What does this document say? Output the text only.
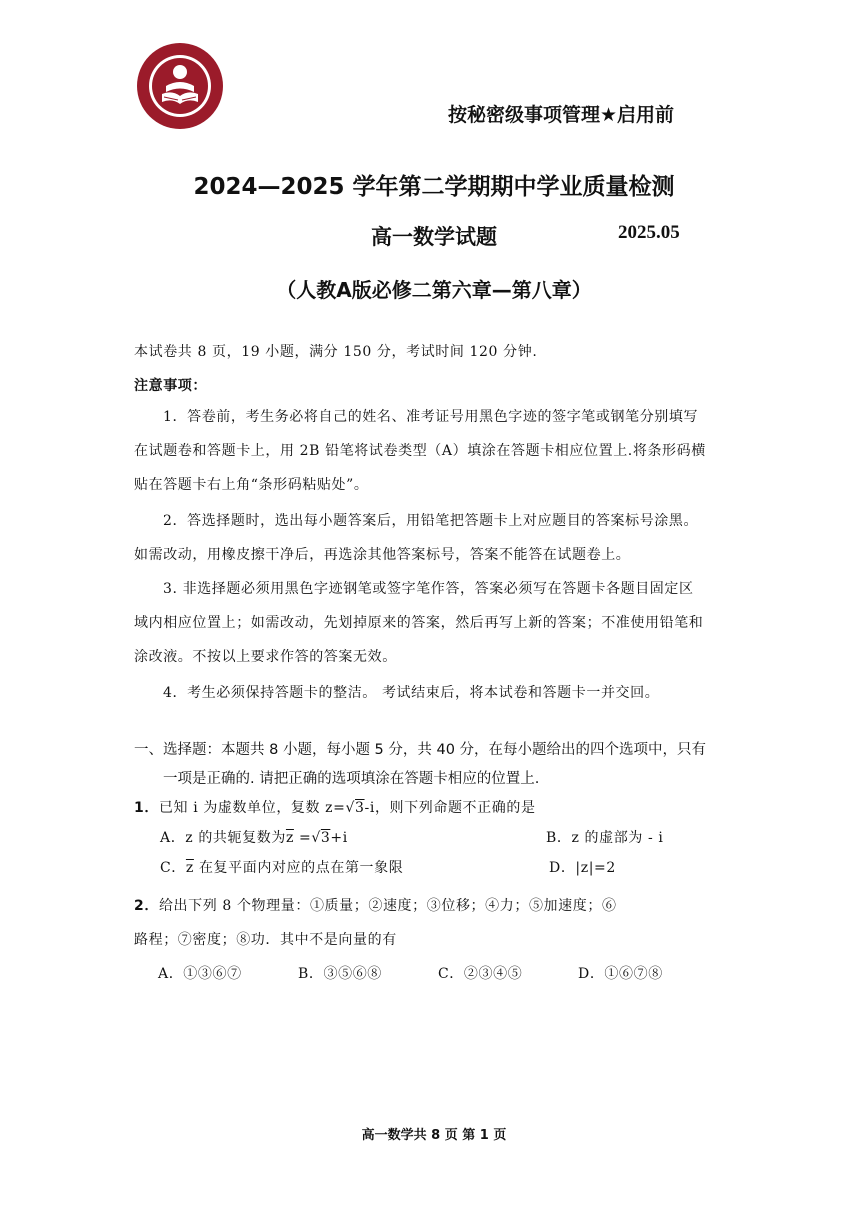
按秘密级事项管理★启用前
2024—2025 学年第二学期期中学业质量检测
高一数学试题	2025.05
（人教A版必修二第六章—第八章）
本试卷共 8 页，19 小题，满分 150 分，考试时间 120 分钟.
注意事项：
1．答卷前，考生务必将自己的姓名、准考证号用黑色字迹的签字笔或钢笔分别填写
在试题卷和答题卡上，用 2B 铅笔将试卷类型（A）填涂在答题卡相应位置上.将条形码横
贴在答题卡右上角“条形码粘贴处”。
2．答选择题时，选出每小题答案后，用铅笔把答题卡上对应题目的答案标号涂黑。
如需改动，用橡皮擦干净后，再选涂其他答案标号，答案不能答在试题卷上。
3. 非选择题必须用黑色字迹钢笔或签字笔作答，答案必须写在答题卡各题目固定区
域内相应位置上；如需改动，先划掉原来的答案，然后再写上新的答案；不准使用铅笔和
涂改液。不按以上要求作答的答案无效。
4．考生必须保持答题卡的整洁。 考试结束后，将本试卷和答题卡一并交回。
一、选择题：本题共 8 小题，每小题 5 分，共 40 分，在每小题给出的四个选项中，只有
一项是正确的. 请把正确的选项填涂在答题卡相应的位置上.
1．已知 i 为虚数单位，复数 z=√3-i，则下列命题不正确的是
A．z 的共轭复数为$\overline{z} =√3+i$	B．z 的虚部为 - i
C．$\overline{z}$ 在复平面内对应的点在第一象限	D．|z|=2
2．给出下列 8 个物理量：①质量；②速度；③位移；④力；⑤加速度；⑥
路程；⑦密度；⑧功．其中不是向量的有
A．①③⑥⑦	B．③⑤⑥⑧	C．②③④⑤	D．①⑥⑦⑧
高一数学共 8 页 第 1 页
